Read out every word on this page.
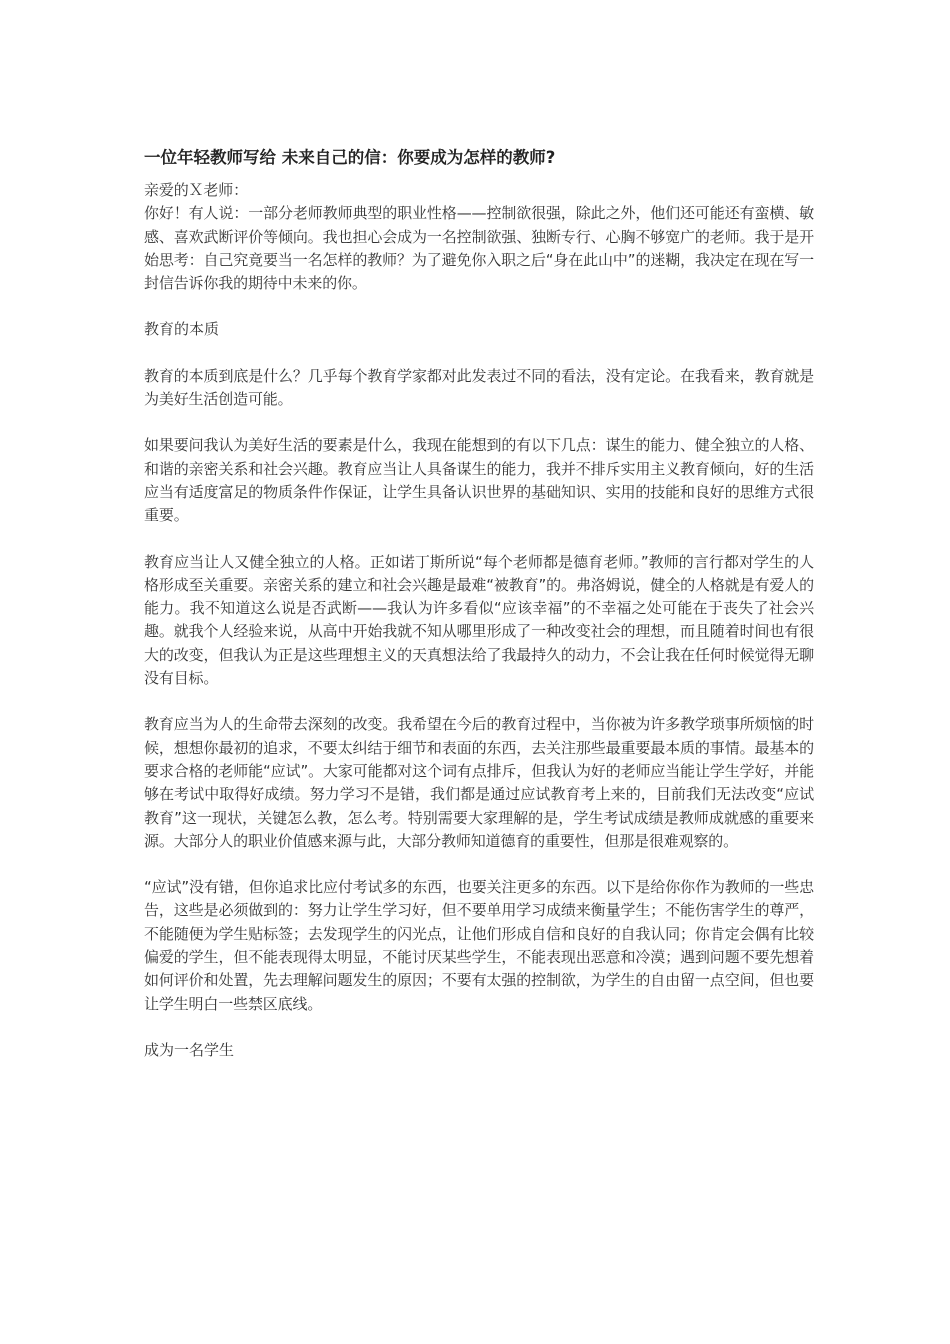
一位年轻教师写给 未来自己的信：你要成为怎样的教师?

亲爱的Ｘ老师：

你好！有人说：一部分老师教师典型的职业性格——控制欲很强，除此之外，他们还可能还有蛮横、敏感、喜欢武断评价等倾向。我也担心会成为一名控制欲强、独断专行、心胸不够宽广的老师。我于是开始思考：自己究竟要当一名怎样的教师？为了避免你入职之后“身在此山中”的迷糊，我决定在现在写一封信告诉你我的期待中未来的你。

教育的本质

教育的本质到底是什么？几乎每个教育学家都对此发表过不同的看法，没有定论。在我看来，教育就是为美好生活创造可能。

如果要问我认为美好生活的要素是什么，我现在能想到的有以下几点：谋生的能力、健全独立的人格、和谐的亲密关系和社会兴趣。教育应当让人具备谋生的能力，我并不排斥实用主义教育倾向，好的生活应当有适度富足的物质条件作保证，让学生具备认识世界的基础知识、实用的技能和良好的思维方式很重要。

教育应当让人又健全独立的人格。正如诺丁斯所说“每个老师都是德育老师。”教师的言行都对学生的人格形成至关重要。亲密关系的建立和社会兴趣是最难“被教育”的。弗洛姆说，健全的人格就是有爱人的能力。我不知道这么说是否武断——我认为许多看似“应该幸福”的不幸福之处可能在于丧失了社会兴趣。就我个人经验来说，从高中开始我就不知从哪里形成了一种改变社会的理想，而且随着时间也有很大的改变，但我认为正是这些理想主义的天真想法给了我最持久的动力，不会让我在任何时候觉得无聊没有目标。

教育应当为人的生命带去深刻的改变。我希望在今后的教育过程中，当你被为许多教学琐事所烦恼的时候，想想你最初的追求，不要太纠结于细节和表面的东西，去关注那些最重要最本质的事情。最基本的要求合格的老师能“应试”。大家可能都对这个词有点排斥，但我认为好的老师应当能让学生学好，并能够在考试中取得好成绩。努力学习不是错，我们都是通过应试教育考上来的，目前我们无法改变“应试教育”这一现状，关键怎么教，怎么考。特别需要大家理解的是，学生考试成绩是教师成就感的重要来源。大部分人的职业价值感来源与此，大部分教师知道德育的重要性，但那是很难观察的。

“应试”没有错，但你追求比应付考试多的东西，也要关注更多的东西。以下是给你你作为教师的一些忠告，这些是必须做到的：努力让学生学习好，但不要单用学习成绩来衡量学生；不能伤害学生的尊严，不能随便为学生贴标签；去发现学生的闪光点，让他们形成自信和良好的自我认同；你肯定会偶有比较偏爱的学生，但不能表现得太明显，不能讨厌某些学生，不能表现出恶意和冷漠；遇到问题不要先想着如何评价和处置，先去理解问题发生的原因；不要有太强的控制欲，为学生的自由留一点空间，但也要让学生明白一些禁区底线。

成为一名学生
